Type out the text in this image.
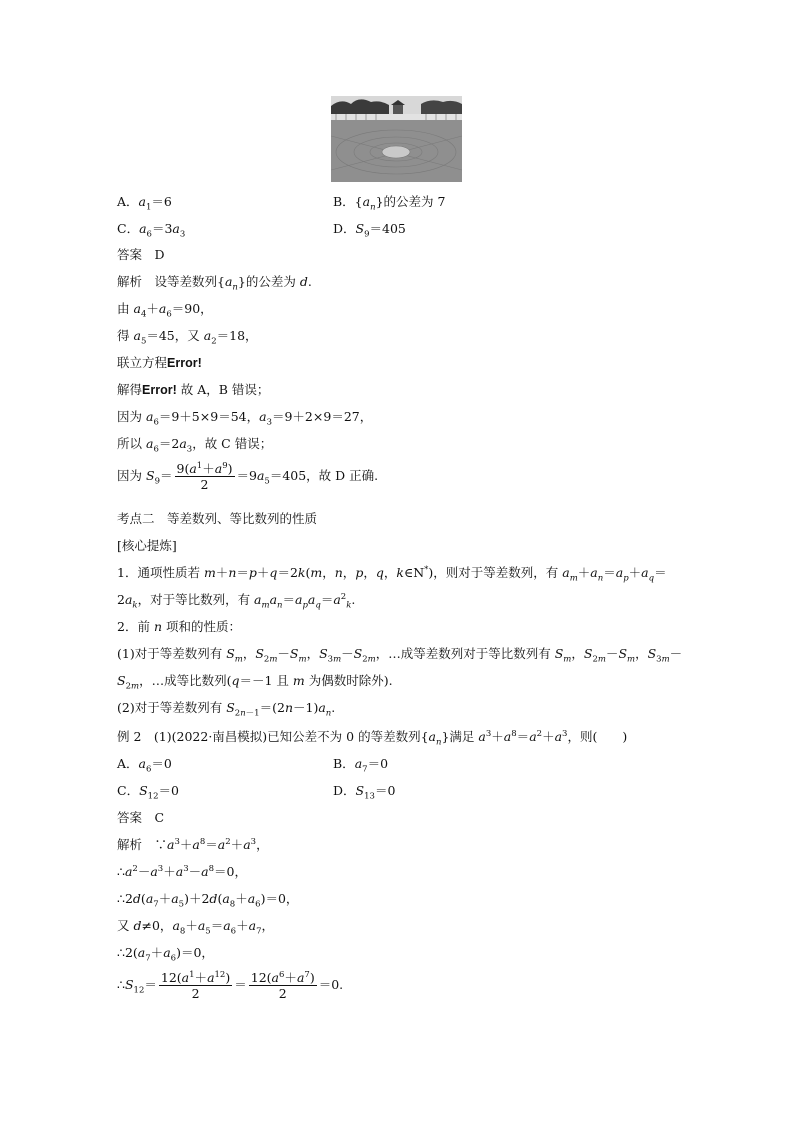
A．$a_1=6$	B．$\{a_n\}$的公差为 7
C．$a_6=3a_3$	D．$S_9=405$
答案　D
解析　设等差数列$\{a_n\}$的公差为 d.
由 $a_4+a_6=90$，
得 $a_5=45$，又 $a_2=18$，
联立方程Error!
解得Error! 故 A，B 错误；
因为 $a_6=9+5\times 9=54$，$a_3=9+2\times 9=27$，
所以 $a_6=2a_3$，故 C 错误；
因为 $S_9= \frac{9(a^1+a^9)}{2} =9a_5=405$，故 D 正确.
考点二　等差数列、等比数列的性质
[核心提炼]
1．通项性质若 m＋n＝p＋q＝2k(m，n，p，q，k∈N*)，则对于等差数列，有 $a_m+a_n=a_p+a_q=$
$2a_k$，对于等比数列，有 $a_ma_n=a_pa_q=a^2_k$.
2．前 n 项和的性质：
(1)对于等差数列有 $S_m$，$S_{2m}-S_m$，$S_{3m}-S_{2m}$，…成等差数列对于等比数列有 $S_m$，$S_{2m}-S_m$，$S_{3m}-$
$S_{2m}$，…成等比数列(q＝－1 且 m 为偶数时除外).
(2)对于等差数列有 $S_{2n-1}=(2n-1)a_n$.
例 2　(1)(2022·南昌模拟)已知公差不为 0 的等差数列$\{a_n\}$满足 $a^3+a^8=a^2+a^3$，则(　　)
A．$a_6=0$	B．$a_7=0$
C．$S_{12}=0$	D．$S_{13}=0$
答案　C
解析　$\because a^3+a^8=a^2+a^3$，
$\therefore a^2-a^3+a^3-a^8=0$，
$\therefore 2d(a_7+a_5)+2d(a_8+a_6)=0$，
又 d≠0，$a_8+a_5=a_6+a_7$，
$\therefore 2(a_7+a_6)=0$，
$\therefore S_{12}= \frac{12(a^1+a^{12})}{2} = \frac{12(a^6+a^7)}{2} =0$.
